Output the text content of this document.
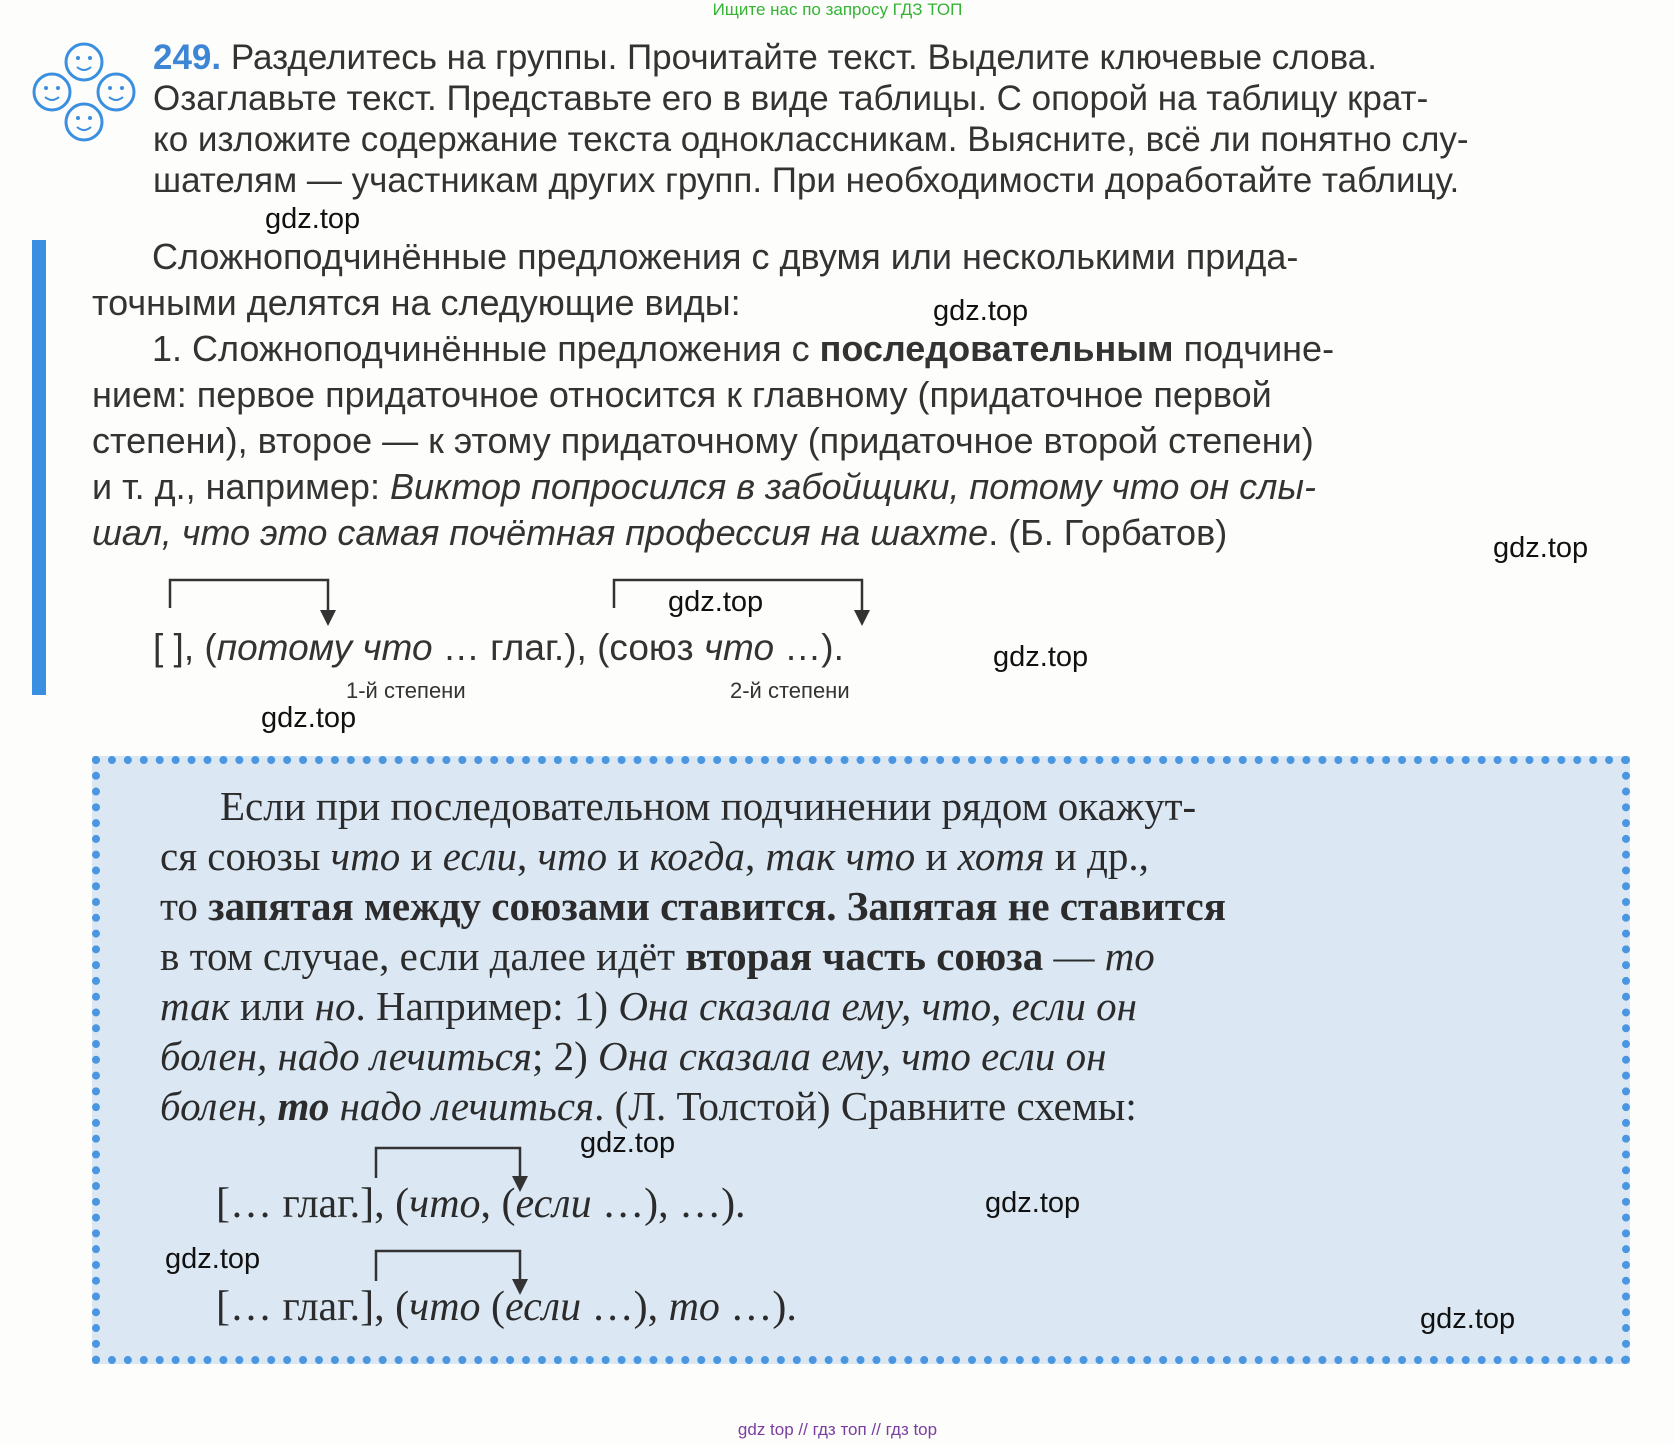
Ищите нас по запросу ГДЗ ТОП
249. Разделитесь на группы. Прочитайте текст. Выделите ключевые слова.
Озаглавьте текст. Представьте его в виде таблицы. С опорой на таблицу крат-
ко изложите содержание текста одноклассникам. Выясните, всё ли понятно слу-
шателям — участникам других групп. При необходимости доработайте таблицу.
Сложноподчинённые предложения с двумя или несколькими прида-
точными делятся на следующие виды:
1. Сложноподчинённые предложения с последовательным подчине-
нием: первое придаточное относится к главному (придаточное первой
степени), второе — к этому придаточному (придаточное второй степени)
и т. д., например: Виктор попросился в забойщики, потому что он слы-
шал, что это самая почётная профессия на шахте. (Б. Горбатов)
[ ], (потому что … глаг.), (союз что …).
1-й степени	2-й степени
Если при последовательном подчинении рядом окажут-
ся союзы что и если, что и когда, так что и хотя и др.,
то запятая между союзами ставится. Запятая не ставится
в том случае, если далее идёт вторая часть союза — то
так или но. Например: 1) Она сказала ему, что, если он
болен, надо лечиться; 2) Она сказала ему, что если он
болен, то надо лечиться. (Л. Толстой) Сравните схемы:
[… глаг.], (что, (если …), …).
[… глаг.], (что (если …), то …).
gdz.top
gdz.top
gdz.top
gdz.top
gdz.top
gdz.top
gdz.top
gdz.top
gdz.top
gdz.top
gdz top // гдз топ // гдз top
